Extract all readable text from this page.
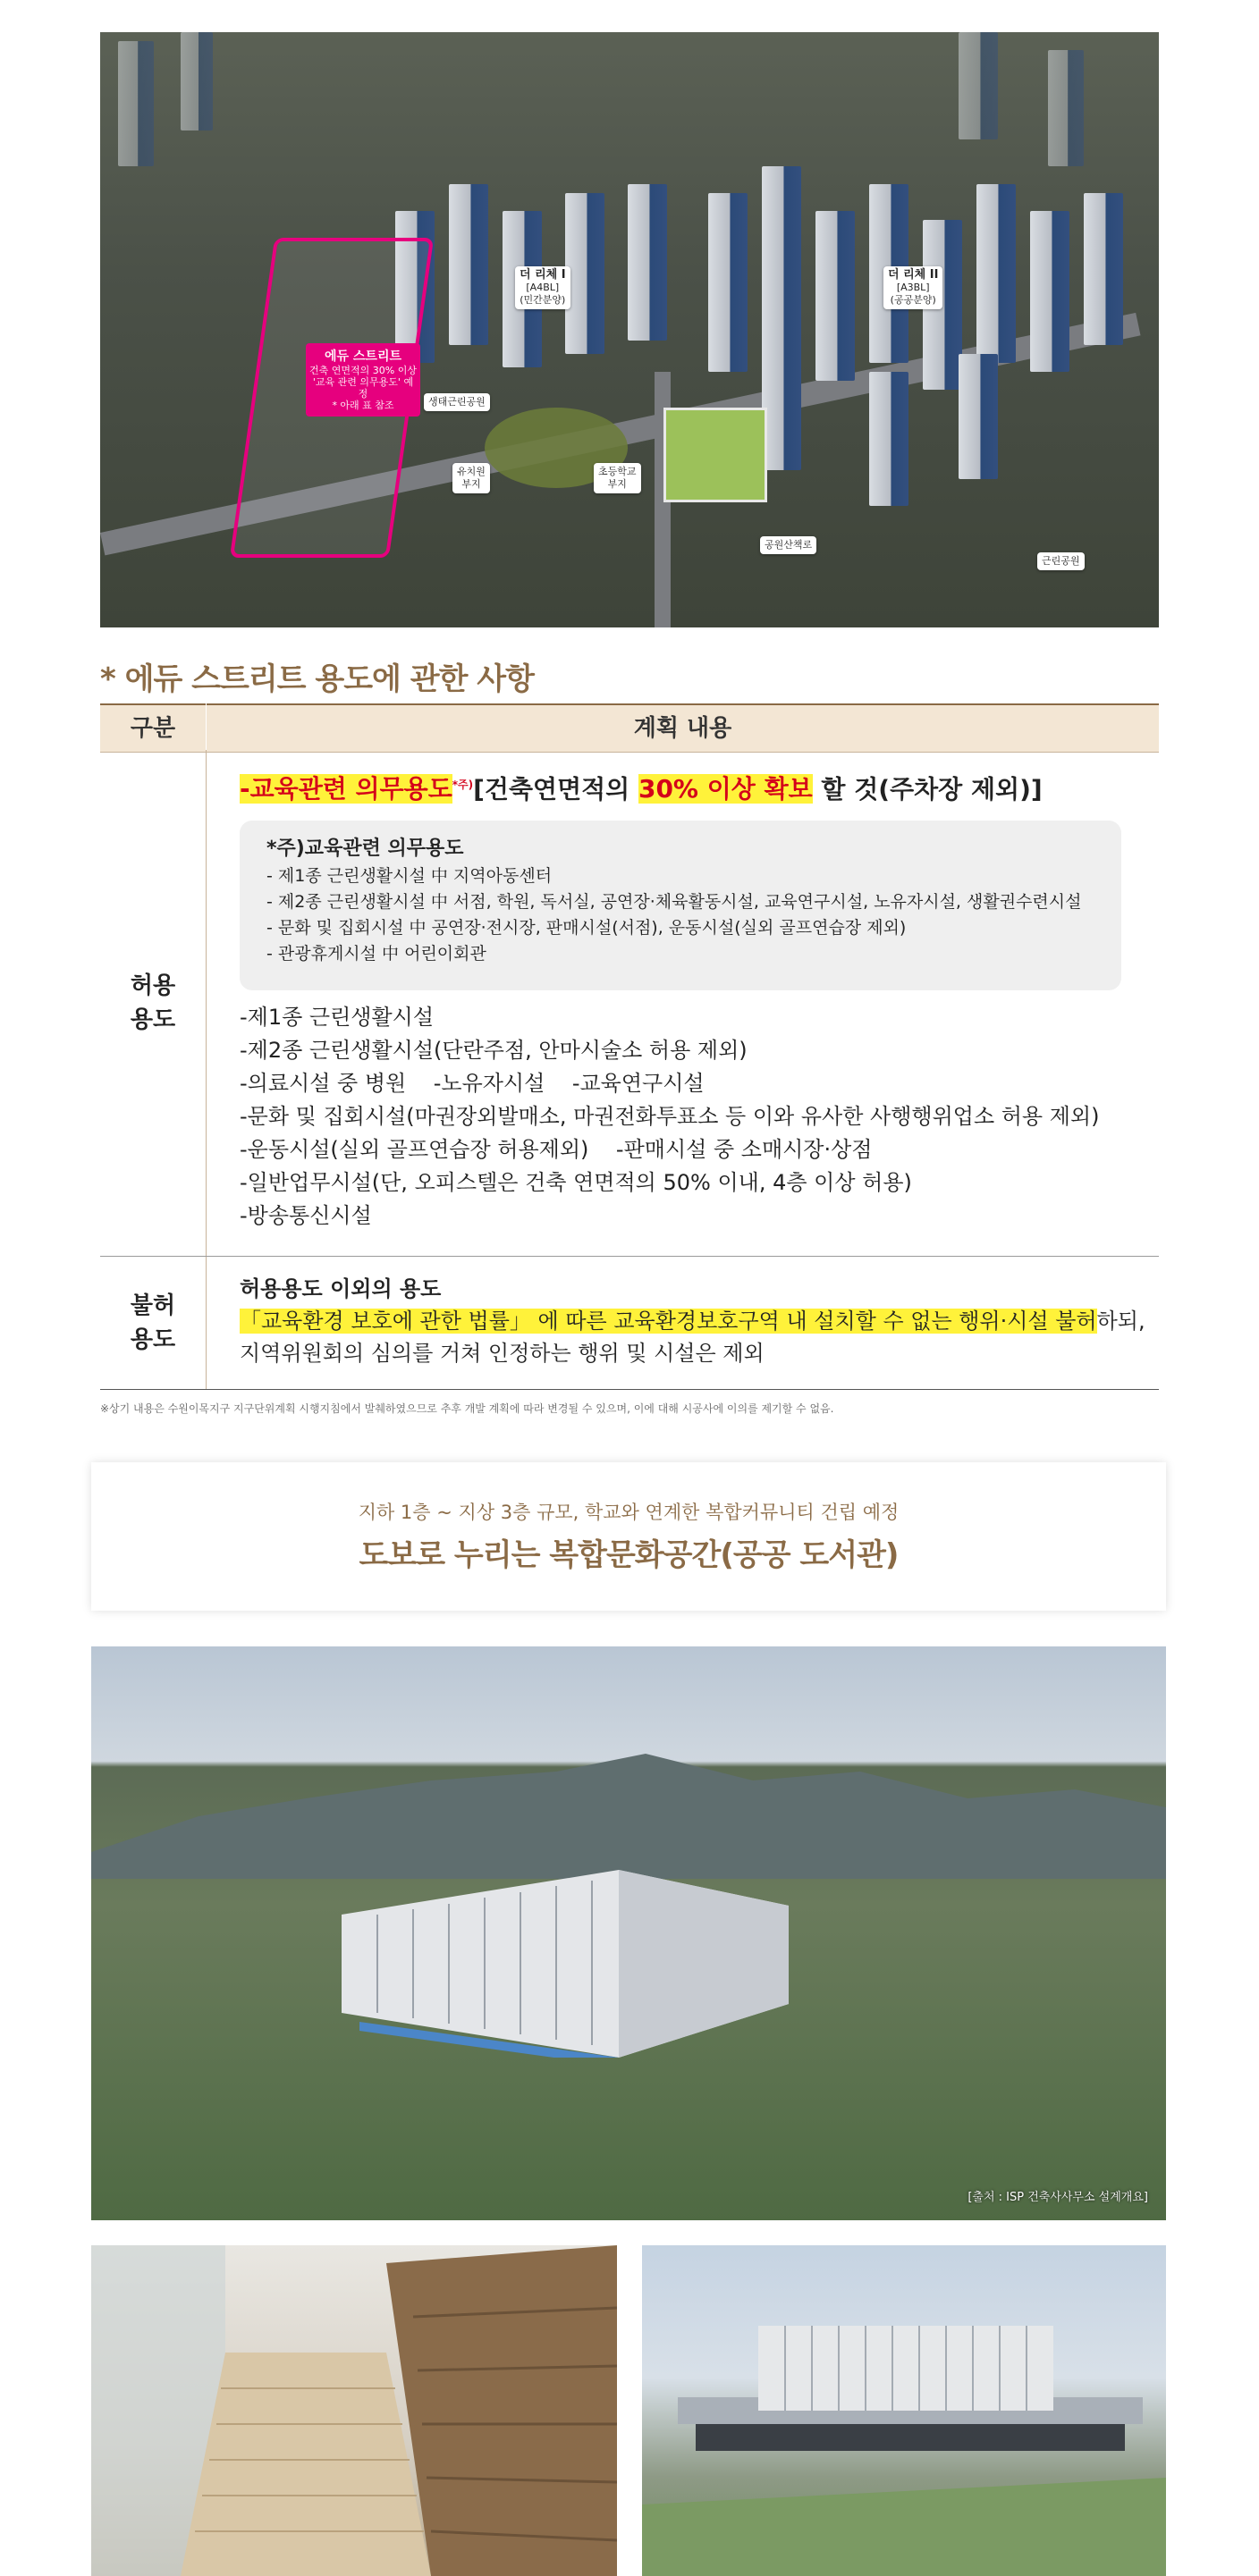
에듀 스트리트
건축 연면적의 30% 이상
'교육 관련 의무용도' 예정
* 아래 표 참조
더 리체 I
[A4BL]
(민간분양)
더 리체 II
[A3BL]
(공공분양)
생태근린공원
유치원
부지
초등학교
부지
공원산책로
근린공원
* 에듀 스트리트 용도에 관한 사항
구분	계획 내용
허용
용도
-교육관련 의무용도$^{*주)}$[건축연면적의 30% 이상 확보 할 것(주차장 제외)]
*주)교육관련 의무용도
- 제1종 근린생활시설 中 지역아동센터
- 제2종 근린생활시설 中 서점, 학원, 독서실, 공연장·체육활동시설, 교육연구시설, 노유자시설, 생활권수련시설
- 문화 및 집회시설 中 공연장·전시장, 판매시설(서점), 운동시설(실외 골프연습장 제외)
- 관광휴게시설 中 어린이회관
-제1종 근린생활시설
-제2종 근린생활시설(단란주점, 안마시술소 허용 제외)
-의료시설 중 병원    -노유자시설    -교육연구시설
-문화 및 집회시설(마권장외발매소, 마권전화투표소 등 이와 유사한 사행행위업소 허용 제외)
-운동시설(실외 골프연습장 허용제외)    -판매시설 중 소매시장·상점
-일반업무시설(단, 오피스텔은 건축 연면적의 50% 이내, 4층 이상 허용)
-방송통신시설
불허
용도
허용용도 이외의 용도
「교육환경 보호에 관한 법률」 에 따른 교육환경보호구역 내 설치할 수 없는 행위·시설 불허하되,
지역위원회의 심의를 거쳐 인정하는 행위 및 시설은 제외
※상기 내용은 수원이목지구 지구단위계획 시행지침에서 발췌하였으므로 추후 개발 계획에 따라 변경될 수 있으며, 이에 대해 시공사에 이의를 제기할 수 없음.
지하 1층 ~ 지상 3층 규모, 학교와 연계한 복합커뮤니티 건립 예정
도보로 누리는 복합문화공간(공공 도서관)
[출처 : ISP 건축사사무소 설계개요]
